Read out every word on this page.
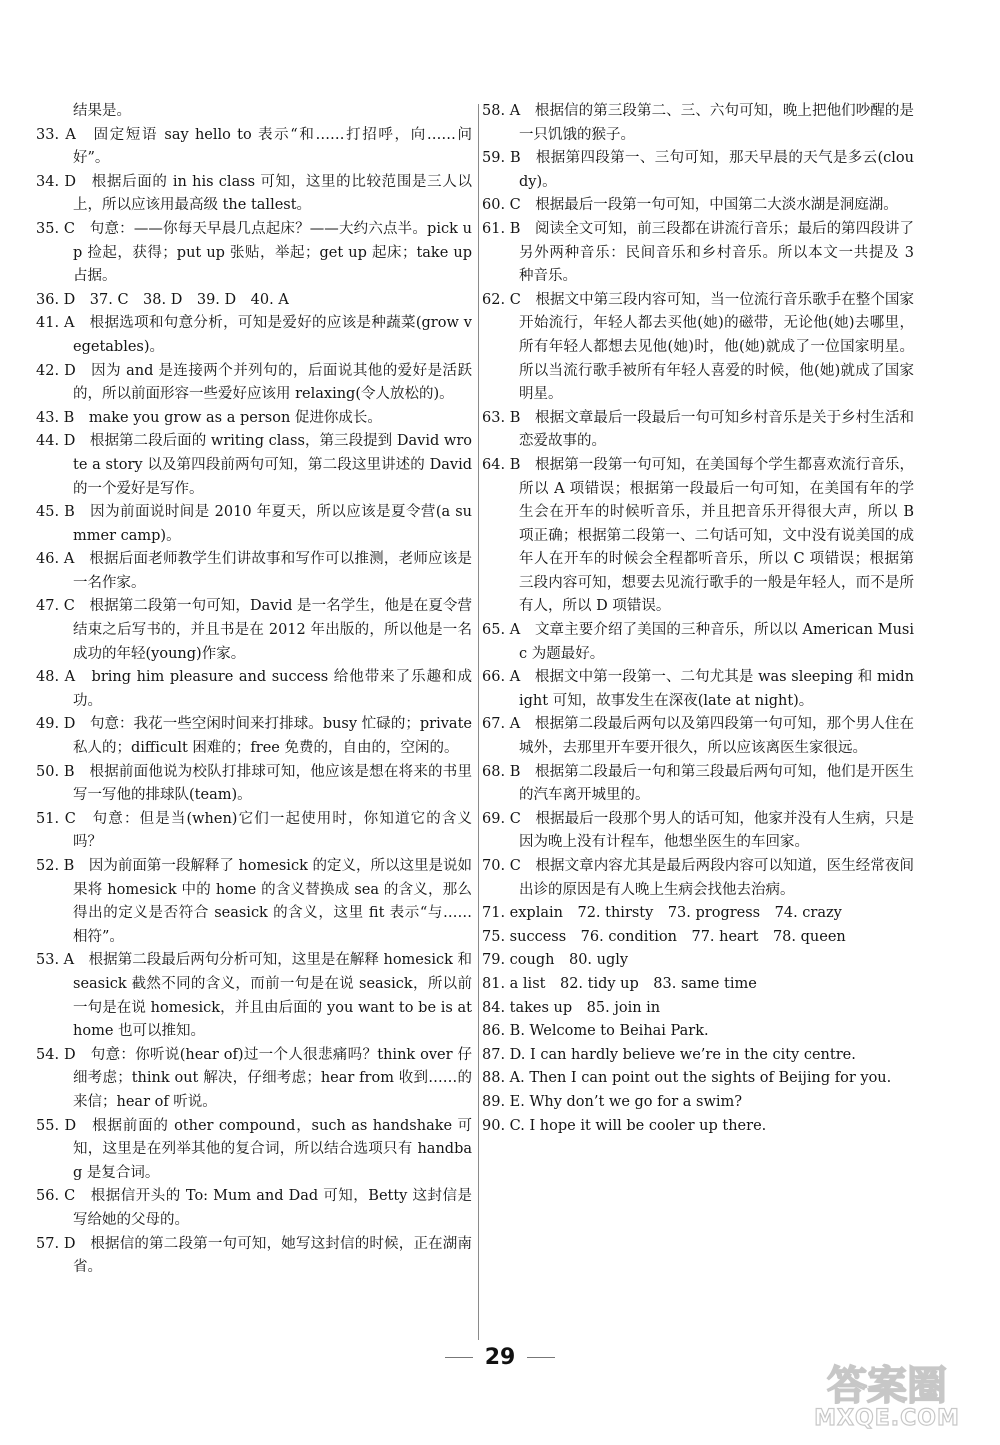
结果是。

33. A　固定短语 say hello to 表示“和……打招呼，向……问好”。

34. D　根据后面的 in his class 可知，这里的比较范围是三人以上，所以应该用最高级 the tallest。

35. C　句意：——你每天早晨几点起床？——大约六点半。pick up 捡起，获得；put up 张贴，举起；get up 起床；take up 占据。

36. D　37. C　38. D　39. D　40. A

41. A　根据选项和句意分析，可知是爱好的应该是种蔬菜(grow vegetables)。

42. D　因为 and 是连接两个并列句的，后面说其他的爱好是活跃的，所以前面形容一些爱好应该用 relaxing(令人放松的)。

43. B　make you grow as a person 促进你成长。

44. D　根据第二段后面的 writing class，第三段提到 David wrote a story 以及第四段前两句可知，第二段这里讲述的 David 的一个爱好是写作。

45. B　因为前面说时间是 2010 年夏天，所以应该是夏令营(a summer camp)。

46. A　根据后面老师教学生们讲故事和写作可以推测，老师应该是一名作家。

47. C　根据第二段第一句可知，David 是一名学生，他是在夏令营结束之后写书的，并且书是在 2012 年出版的，所以他是一名成功的年轻(young)作家。

48. A　bring him pleasure and success 给他带来了乐趣和成功。

49. D　句意：我花一些空闲时间来打排球。busy 忙碌的；private 私人的；difficult 困难的；free 免费的，自由的，空闲的。

50. B　根据前面他说为校队打排球可知，他应该是想在将来的书里写一写他的排球队(team)。

51. C　句意：但是当(when)它们一起使用时，你知道它的含义吗？

52. B　因为前面第一段解释了 homesick 的定义，所以这里是说如果将 homesick 中的 home 的含义替换成 sea 的含义，那么得出的定义是否符合 seasick 的含义，这里 fit 表示“与……相符”。

53. A　根据第二段最后两句分析可知，这里是在解释 homesick 和 seasick 截然不同的含义，而前一句是在说 seasick，所以前一句是在说 homesick，并且由后面的 you want to be is at home 也可以推知。

54. D　句意：你听说(hear of)过一个人很悲痛吗？think over 仔细考虑；think out 解决，仔细考虑；hear from 收到……的来信；hear of 听说。

55. D　根据前面的 other compound，such as handshake 可知，这里是在列举其他的复合词，所以结合选项只有 handbag 是复合词。

56. C　根据信开头的 To: Mum and Dad 可知，Betty 这封信是写给她的父母的。

57. D　根据信的第二段第一句可知，她写这封信的时候，正在湖南省。

58. A　根据信的第三段第二、三、六句可知，晚上把他们吵醒的是一只饥饿的猴子。

59. B　根据第四段第一、三句可知，那天早晨的天气是多云(cloudy)。

60. C　根据最后一段第一句可知，中国第二大淡水湖是洞庭湖。

61. B　阅读全文可知，前三段都在讲流行音乐；最后的第四段讲了另外两种音乐：民间音乐和乡村音乐。所以本文一共提及 3 种音乐。

62. C　根据文中第三段内容可知，当一位流行音乐歌手在整个国家开始流行，年轻人都去买他(她)的磁带，无论他(她)去哪里，所有年轻人都想去见他(她)时，他(她)就成了一位国家明星。所以当流行歌手被所有年轻人喜爱的时候，他(她)就成了国家明星。

63. B　根据文章最后一段最后一句可知乡村音乐是关于乡村生活和恋爱故事的。

64. B　根据第一段第一句可知，在美国每个学生都喜欢流行音乐，所以 A 项错误；根据第一段最后一句可知，在美国有年的学生会在开车的时候听音乐，并且把音乐开得很大声，所以 B 项正确；根据第二段第一、二句话可知，文中没有说美国的成年人在开车的时候会全程都听音乐，所以 C 项错误；根据第三段内容可知，想要去见流行歌手的一般是年轻人，而不是所有人，所以 D 项错误。

65. A　文章主要介绍了美国的三种音乐，所以以 American Music 为题最好。

66. A　根据文中第一段第一、二句尤其是 was sleeping 和 midnight 可知，故事发生在深夜(late at night)。

67. A　根据第二段最后两句以及第四段第一句可知，那个男人住在城外，去那里开车要开很久，所以应该离医生家很远。

68. B　根据第二段最后一句和第三段最后两句可知，他们是开医生的汽车离开城里的。

69. C　根据最后一段那个男人的话可知，他家并没有人生病，只是因为晚上没有计程车，他想坐医生的车回家。

70. C　根据文章内容尤其是最后两段内容可以知道，医生经常夜间出诊的原因是有人晚上生病会找他去治病。

71. explain　72. thirsty　73. progress　74. crazy

75. success　76. condition　77. heart　78. queen

79. cough　80. ugly

81. a list　82. tidy up　83. same time

84. takes up　85. join in

86. B. Welcome to Beihai Park.

87. D. I can hardly believe we’re in the city centre.

88. A. Then I can point out the sights of Beijing for you.

89. E. Why don’t we go for a swim?

90. C. I hope it will be cooler up there.

29
答案圈
MXQE.COM
